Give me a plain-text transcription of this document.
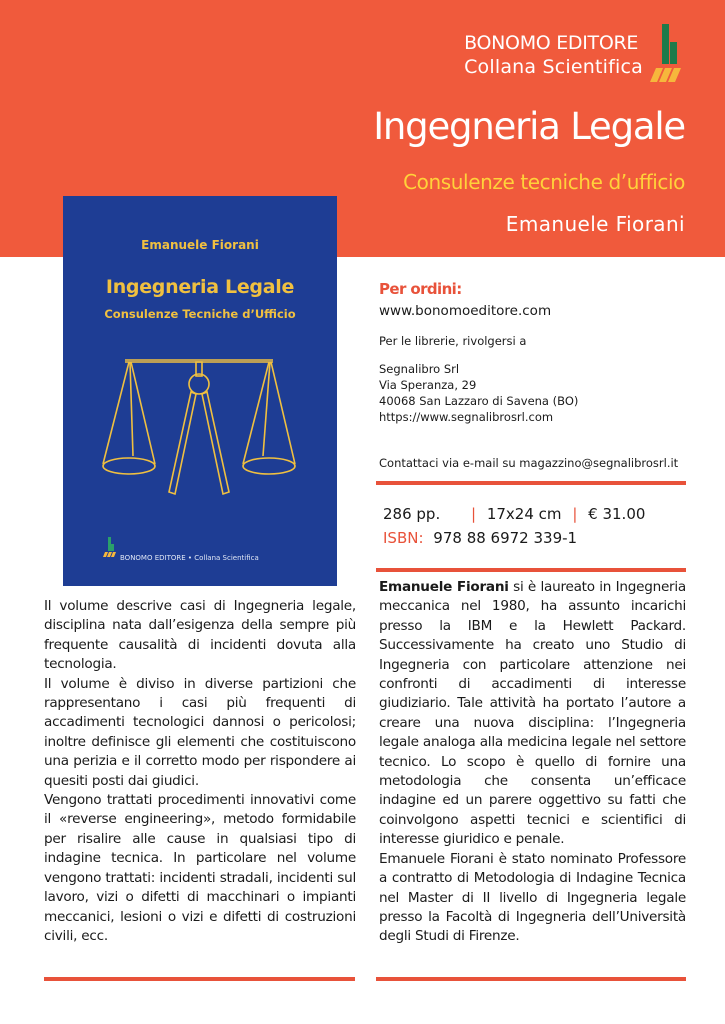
BONOMO EDITORE
Collana Scientifica
Ingegneria Legale
Consulenze tecniche d’ufficio
Emanuele Fiorani
Emanuele Fiorani
Ingegneria Legale
Consulenze Tecniche d’Ufficio
BONOMO EDITORE • Collana Scientifica
Per ordini:
www.bonomoeditore.com
Per le librerie, rivolgersi a
Segnalibro Srl
Via Speranza, 29
40068 San Lazzaro di Savena (BO)
https://www.segnalibrosrl.com
Contattaci via e-mail su magazzino@segnalibrosrl.it
286 pp. | 17x24 cm | € 31.00
ISBN: 978 88 6972 339-1

Il volume descrive casi di Ingegneria legale, disciplina nata dall’esigenza della sempre più frequente causalità di incidenti dovuta alla tecnologia.

Il volume è diviso in diverse partizioni che rappresentano i casi più frequenti di accadimenti tecnologici dannosi o pericolosi; inoltre definisce gli elementi che costituiscono una perizia e il corretto modo per rispondere ai quesiti posti dai giudici.

Vengono trattati procedimenti innovativi come il «reverse engineering», metodo formidabile per risalire alle cause in qualsiasi tipo di indagine tecnica. In particolare nel volume vengono trattati: incidenti stradali, incidenti sul lavoro, vizi o difetti di macchinari o impianti meccanici, lesioni o vizi e difetti di costruzioni civili, ecc.

Emanuele Fiorani si è laureato in Ingegneria meccanica nel 1980, ha assunto incarichi presso la IBM e la Hewlett Packard. Successivamente ha creato uno Studio di Ingegneria con particolare attenzione nei confronti di accadimenti di interesse giudiziario. Tale attività ha portato l’autore a creare una nuova disciplina: l’Ingegneria legale analoga alla medicina legale nel settore tecnico. Lo scopo è quello di fornire una metodologia che consenta un’efficace indagine ed un parere oggettivo su fatti che coinvolgono aspetti tecnici e scientifici di interesse giuridico e penale.

Emanuele Fiorani è stato nominato Professore a contratto di Metodologia di Indagine Tecnica nel Master di II livello di Ingegneria legale presso la Facoltà di Ingegneria dell’Università degli Studi di Firenze.
